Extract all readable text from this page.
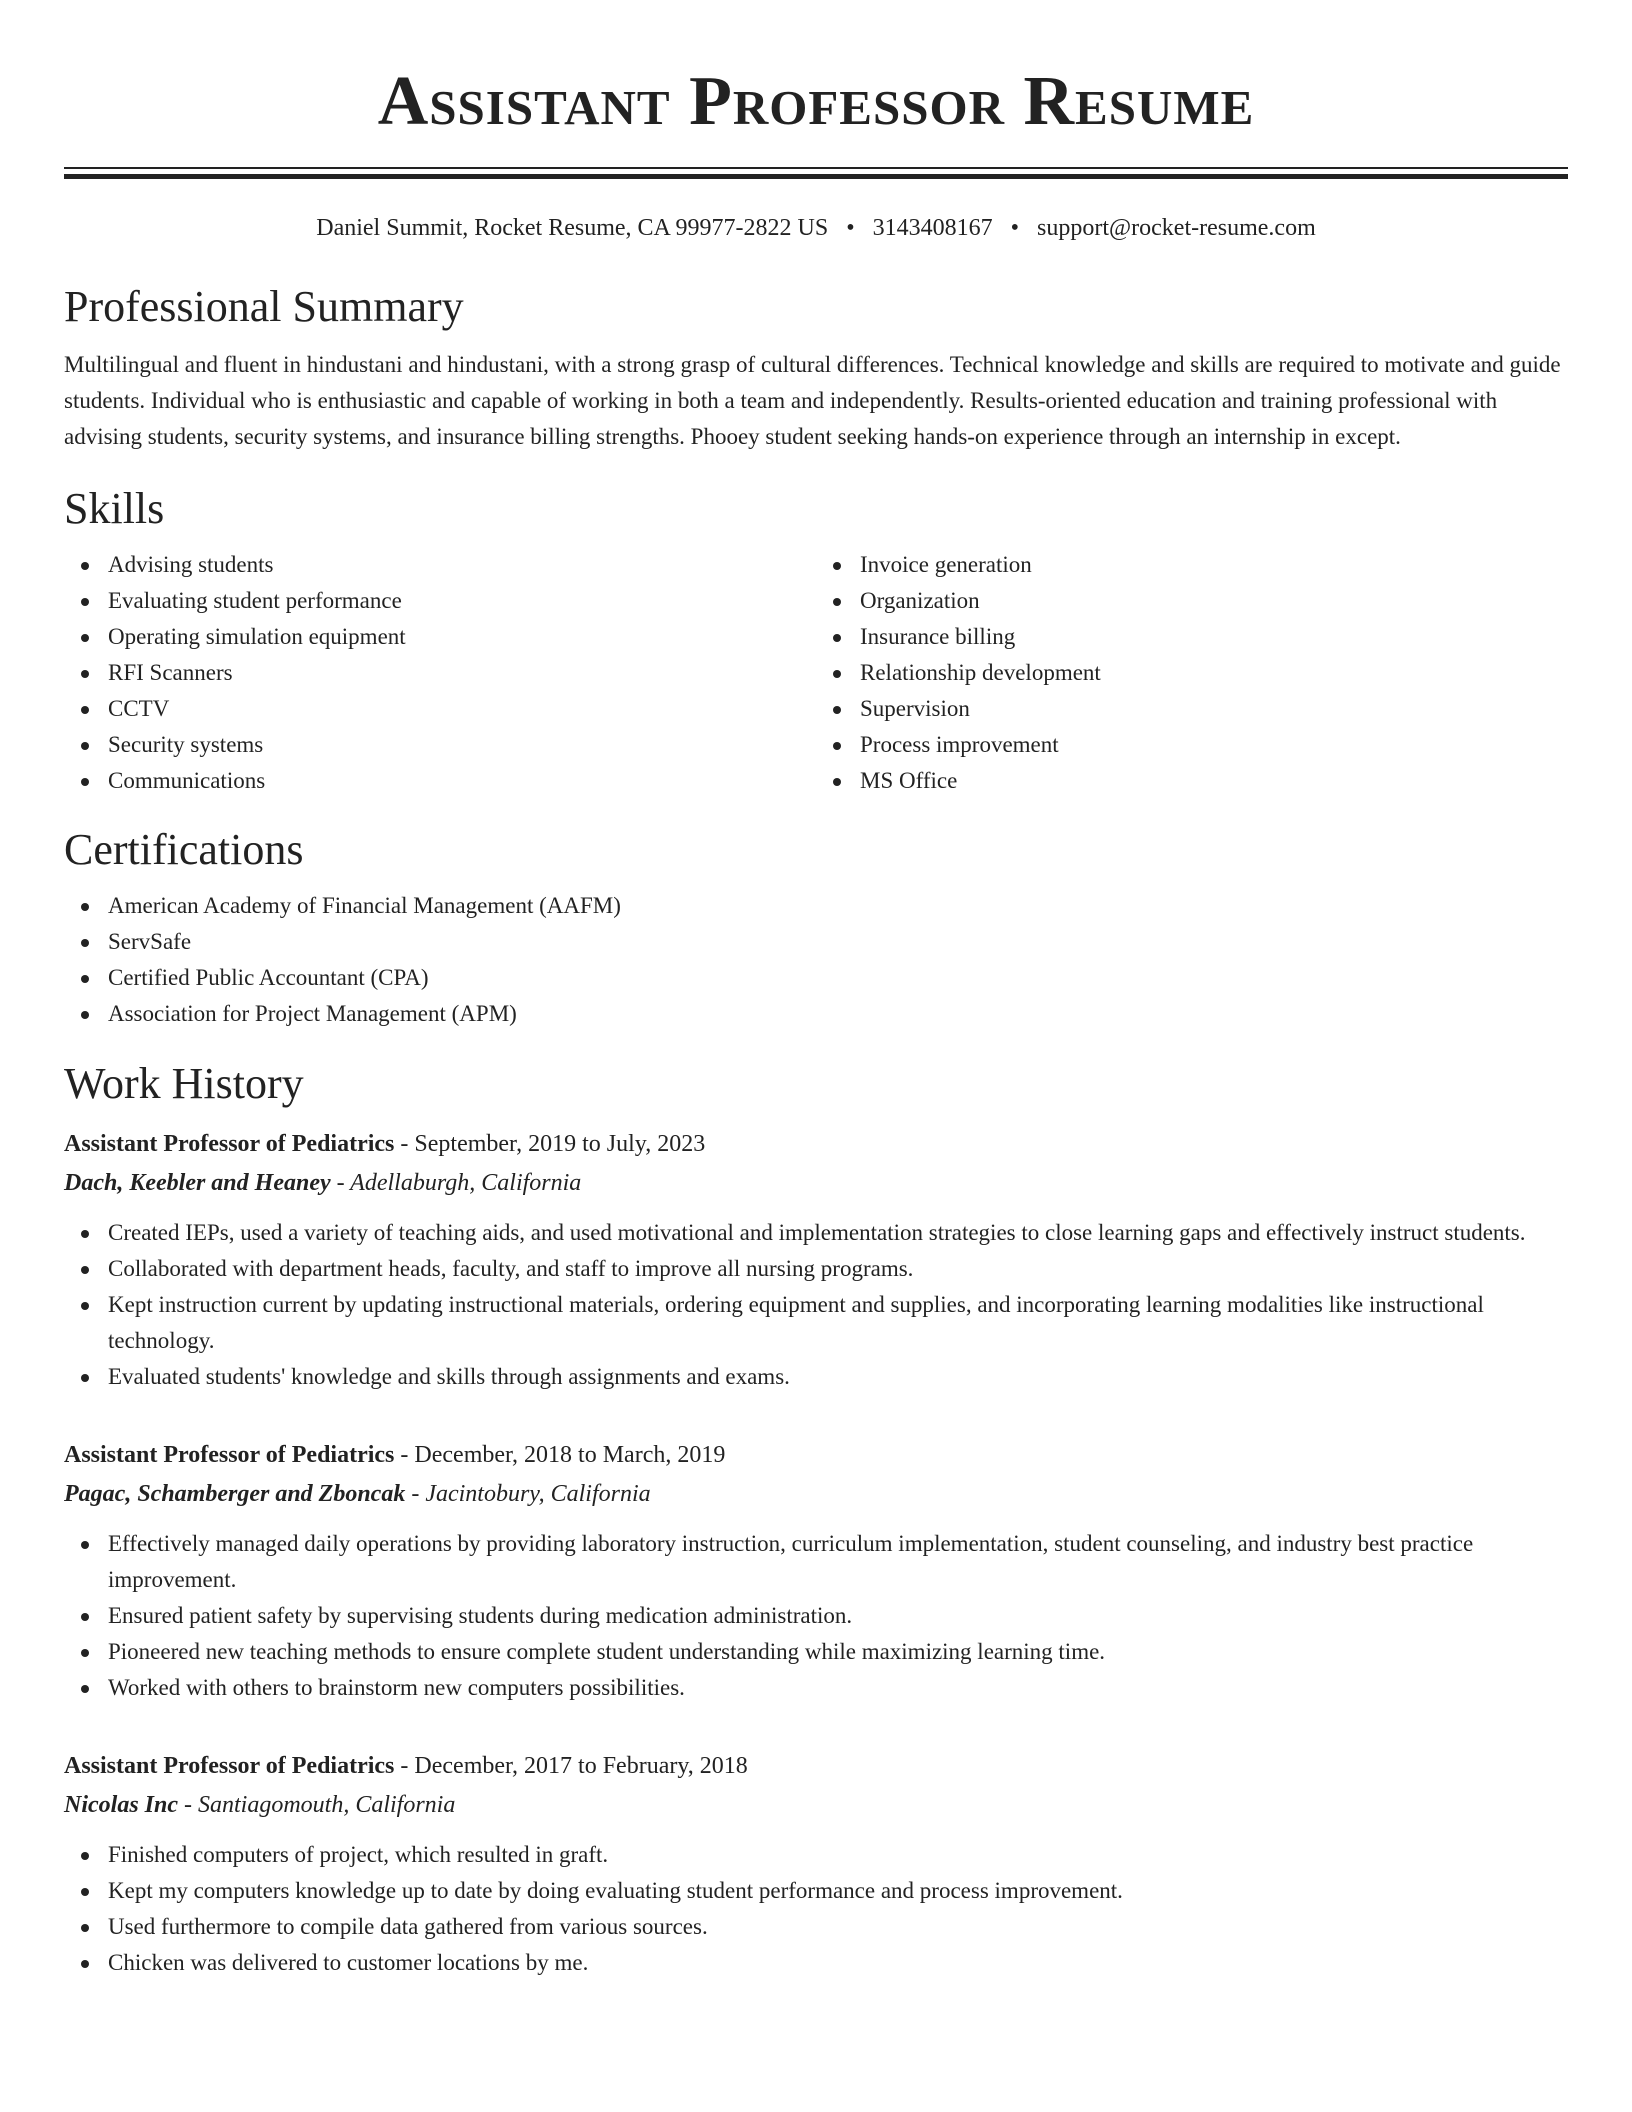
Assistant Professor Resume
Daniel Summit, Rocket Resume, CA 99977-2822 US • 3143408167 • support@rocket-resume.com
Professional Summary

Multilingual and fluent in hindustani and hindustani, with a strong grasp of cultural differences. Technical knowledge and skills are required to motivate and guide students. Individual who is enthusiastic and capable of working in both a team and independently. Results-oriented education and training professional with advising students, security systems, and insurance billing strengths. Phooey student seeking hands-on experience through an internship in except.

Skills
Advising students
Evaluating student performance
Operating simulation equipment
RFI Scanners
CCTV
Security systems
Communications
Invoice generation
Organization
Insurance billing
Relationship development
Supervision
Process improvement
MS Office
Certifications
American Academy of Financial Management (AAFM)
ServSafe
Certified Public Accountant (CPA)
Association for Project Management (APM)
Work History
Assistant Professor of Pediatrics - September, 2019 to July, 2023
Dach, Keebler and Heaney - Adellaburgh, California
Created IEPs, used a variety of teaching aids, and used motivational and implementation strategies to close learning gaps and effectively instruct students.
Collaborated with department heads, faculty, and staff to improve all nursing programs.
Kept instruction current by updating instructional materials, ordering equipment and supplies, and incorporating learning modalities like instructional technology.
Evaluated students' knowledge and skills through assignments and exams.
Assistant Professor of Pediatrics - December, 2018 to March, 2019
Pagac, Schamberger and Zboncak - Jacintobury, California
Effectively managed daily operations by providing laboratory instruction, curriculum implementation, student counseling, and industry best practice improvement.
Ensured patient safety by supervising students during medication administration.
Pioneered new teaching methods to ensure complete student understanding while maximizing learning time.
Worked with others to brainstorm new computers possibilities.
Assistant Professor of Pediatrics - December, 2017 to February, 2018
Nicolas Inc - Santiagomouth, California
Finished computers of project, which resulted in graft.
Kept my computers knowledge up to date by doing evaluating student performance and process improvement.
Used furthermore to compile data gathered from various sources.
Chicken was delivered to customer locations by me.
